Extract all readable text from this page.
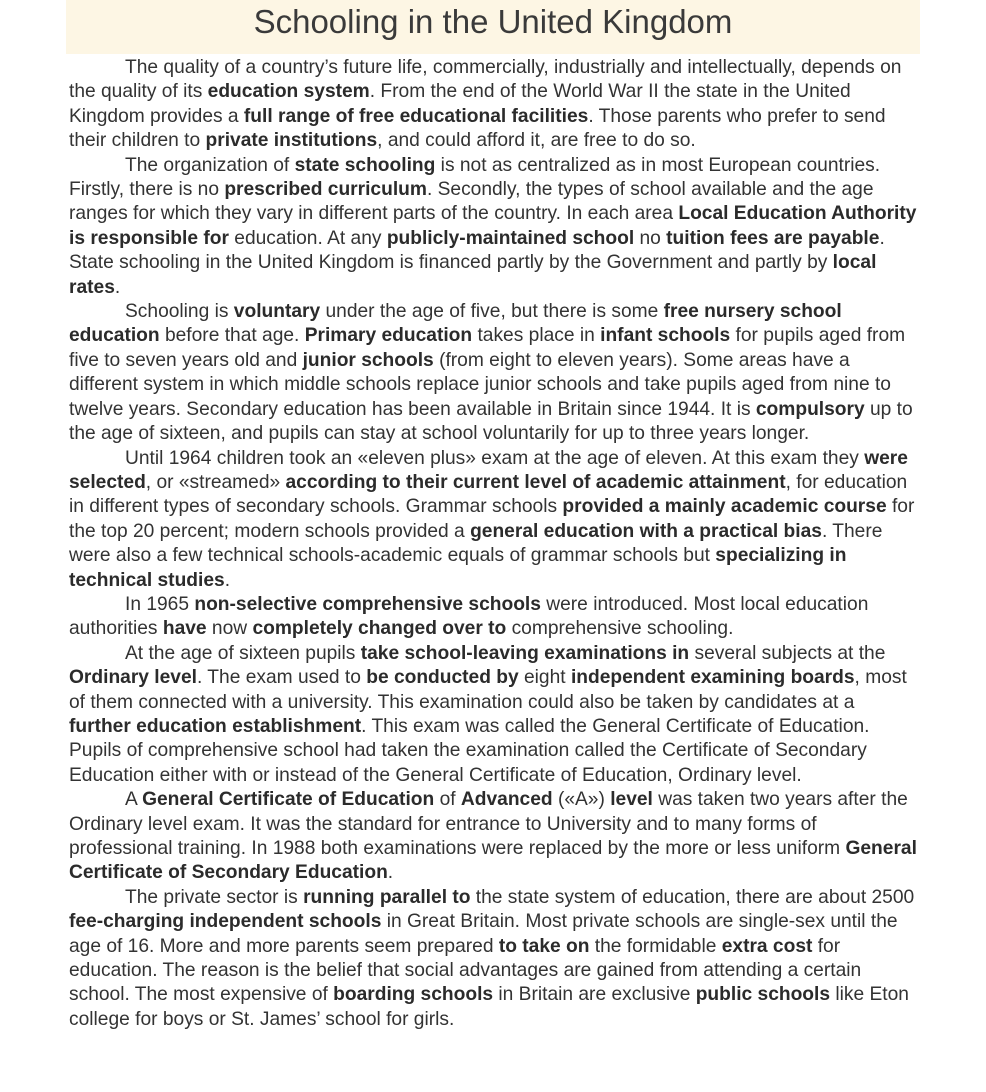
Schooling in the United Kingdom

The quality of a country’s future life, commercially, industrially and intellectually, depends on the quality of its education system. From the end of the World War II the state in the United Kingdom provides a full range of free educational facilities. Those parents who prefer to send their children to private institutions, and could afford it, are free to do so.

The organization of state schooling is not as centralized as in most European countries. Firstly, there is no prescribed curriculum. Secondly, the types of school available and the age ranges for which they vary in different parts of the country. In each area Local Education Authority is responsible for education. At any publicly-maintained school no tuition fees are payable. State schooling in the United Kingdom is financed partly by the Government and partly by local rates.

Schooling is voluntary under the age of five, but there is some free nursery school education before that age. Primary education takes place in infant schools for pupils aged from five to seven years old and junior schools (from eight to eleven years). Some areas have a different system in which middle schools replace junior schools and take pupils aged from nine to twelve years. Secondary education has been available in Britain since 1944. It is compulsory up to the age of sixteen, and pupils can stay at school voluntarily for up to three years longer.

Until 1964 children took an «eleven plus» exam at the age of eleven. At this exam they were selected, or «streamed» according to their current level of academic attainment, for education in different types of secondary schools. Grammar schools provided a mainly academic course for the top 20 percent; modern schools provided a general education with a practical bias. There were also a few technical schools-academic equals of grammar schools but specializing in technical studies.

In 1965 non-selective comprehensive schools were introduced. Most local education authorities have now completely changed over to comprehensive schooling.

At the age of sixteen pupils take school-leaving examinations in several subjects at the Ordinary level. The exam used to be conducted by eight independent examining boards, most of them connected with a university. This examination could also be taken by candidates at a further education establishment. This exam was called the General Certificate of Education. Pupils of comprehensive school had taken the examination called the Certificate of Secondary Education either with or instead of the General Certificate of Education, Ordinary level.

A General Certificate of Education of Advanced («A») level was taken two years after the Ordinary level exam. It was the standard for entrance to University and to many forms of professional training. In 1988 both examinations were replaced by the more or less uniform General Certificate of Secondary Education.

The private sector is running parallel to the state system of education, there are about 2500 fee-charging independent schools in Great Britain. Most private schools are single-sex until the age of 16. More and more parents seem prepared to take on the formidable extra cost for education. The reason is the belief that social advantages are gained from attending a certain school. The most expensive of boarding schools in Britain are exclusive public schools like Eton college for boys or St. James’ school for girls.
